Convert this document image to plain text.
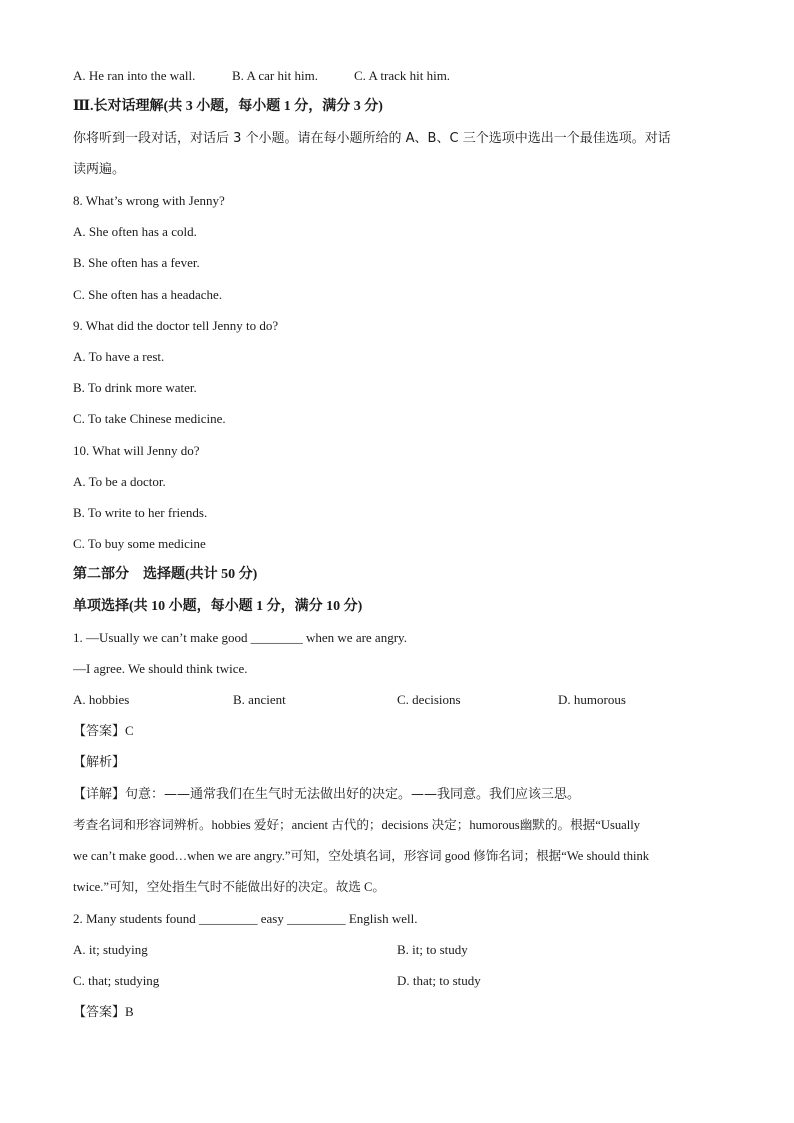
A. He ran into the wall.	B. A car hit him.	C. A track hit him.
Ⅲ.长对话理解(共 3 小题，每小题 1 分，满分 3 分)
你将听到一段对话，对话后 3 个小题。请在每小题所给的 A、B、C 三个选项中选出一个最佳选项。对话
读两遍。
8. What’s wrong with Jenny?
A. She often has a cold.
B. She often has a fever.
C. She often has a headache.
9. What did the doctor tell Jenny to do?
A. To have a rest.
B. To drink more water.
C. To take Chinese medicine.
10. What will Jenny do?
A. To be a doctor.
B. To write to her friends.
C. To buy some medicine
第二部分　选择题(共计 50 分)
单项选择(共 10 小题，每小题 1 分，满分 10 分)
1. —Usually we can’t make good ________ when we are angry.
—I agree. We should think twice.
A. hobbies	B. ancient	C. decisions	D. humorous
【答案】C
【解析】
【详解】句意：——通常我们在生气时无法做出好的决定。——我同意。我们应该三思。
考查名词和形容词辨析。hobbies 爱好；ancient 古代的；decisions 决定；humorous幽默的。根据“Usually
we can’t make good…when we are angry.”可知，空处填名词，形容词 good 修饰名词；根据“We should think
twice.”可知，空处指生气时不能做出好的决定。故选 C。
2. Many students found _________ easy _________ English well.
A. it; studying	B. it; to study
C. that; studying	D. that; to study
【答案】B
